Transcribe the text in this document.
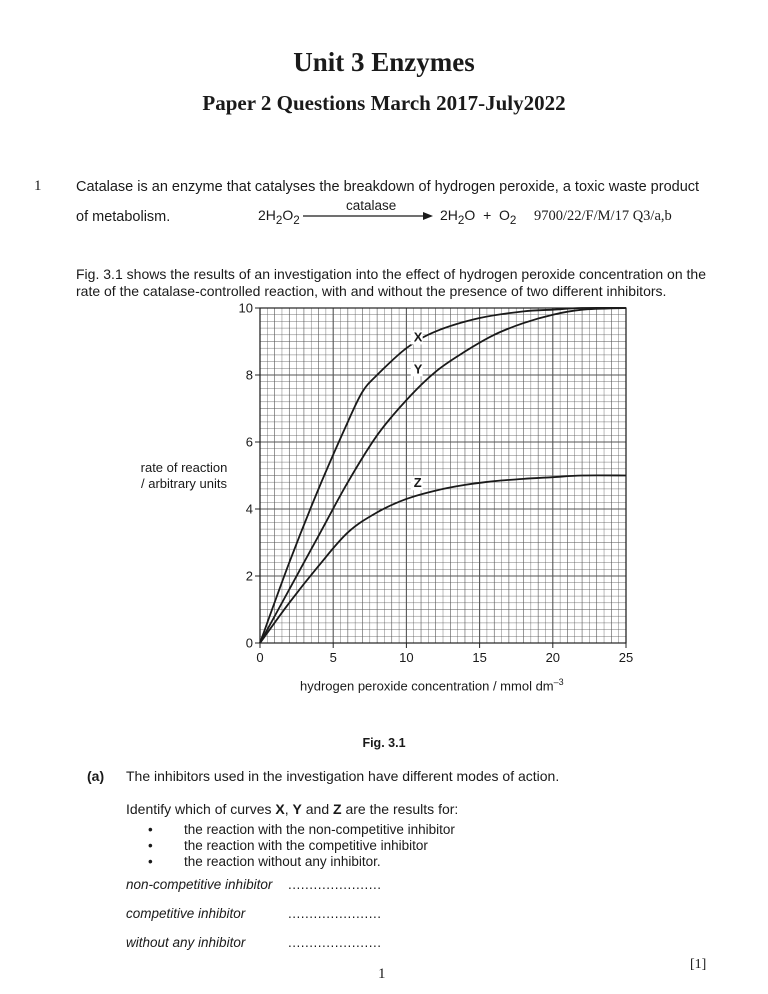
Unit 3 Enzymes
Paper 2 Questions March 2017-July2022
1 Catalase is an enzyme that catalyses the breakdown of hydrogen peroxide, a toxic waste product
of metabolism.	9700/22/F/M/17 Q3/a,b
$2H_2O_2$
catalase
$2H_2O + O_2$
Fig. 3.1 shows the results of an investigation into the effect of hydrogen peroxide concentration on the rate of the catalase-controlled reaction, with and without the presence of two different inhibitors.
0	5	10	15	20	25
0
2
4
6
8
10
X
Y
Z
rate of reaction
/ arbitrary units
hydrogen peroxide concentration / mmol $dm^{-3}$
Fig. 3.1
(a) The inhibitors used in the investigation have different modes of action.
Identify which of curves X, Y and Z are the results for:
• the reaction with the non-competitive inhibitor
• the reaction with the competitive inhibitor
• the reaction without any inhibitor.
non-competitive inhibitor ......................
competitive inhibitor	......................
without any inhibitor	......................
[1]
1
